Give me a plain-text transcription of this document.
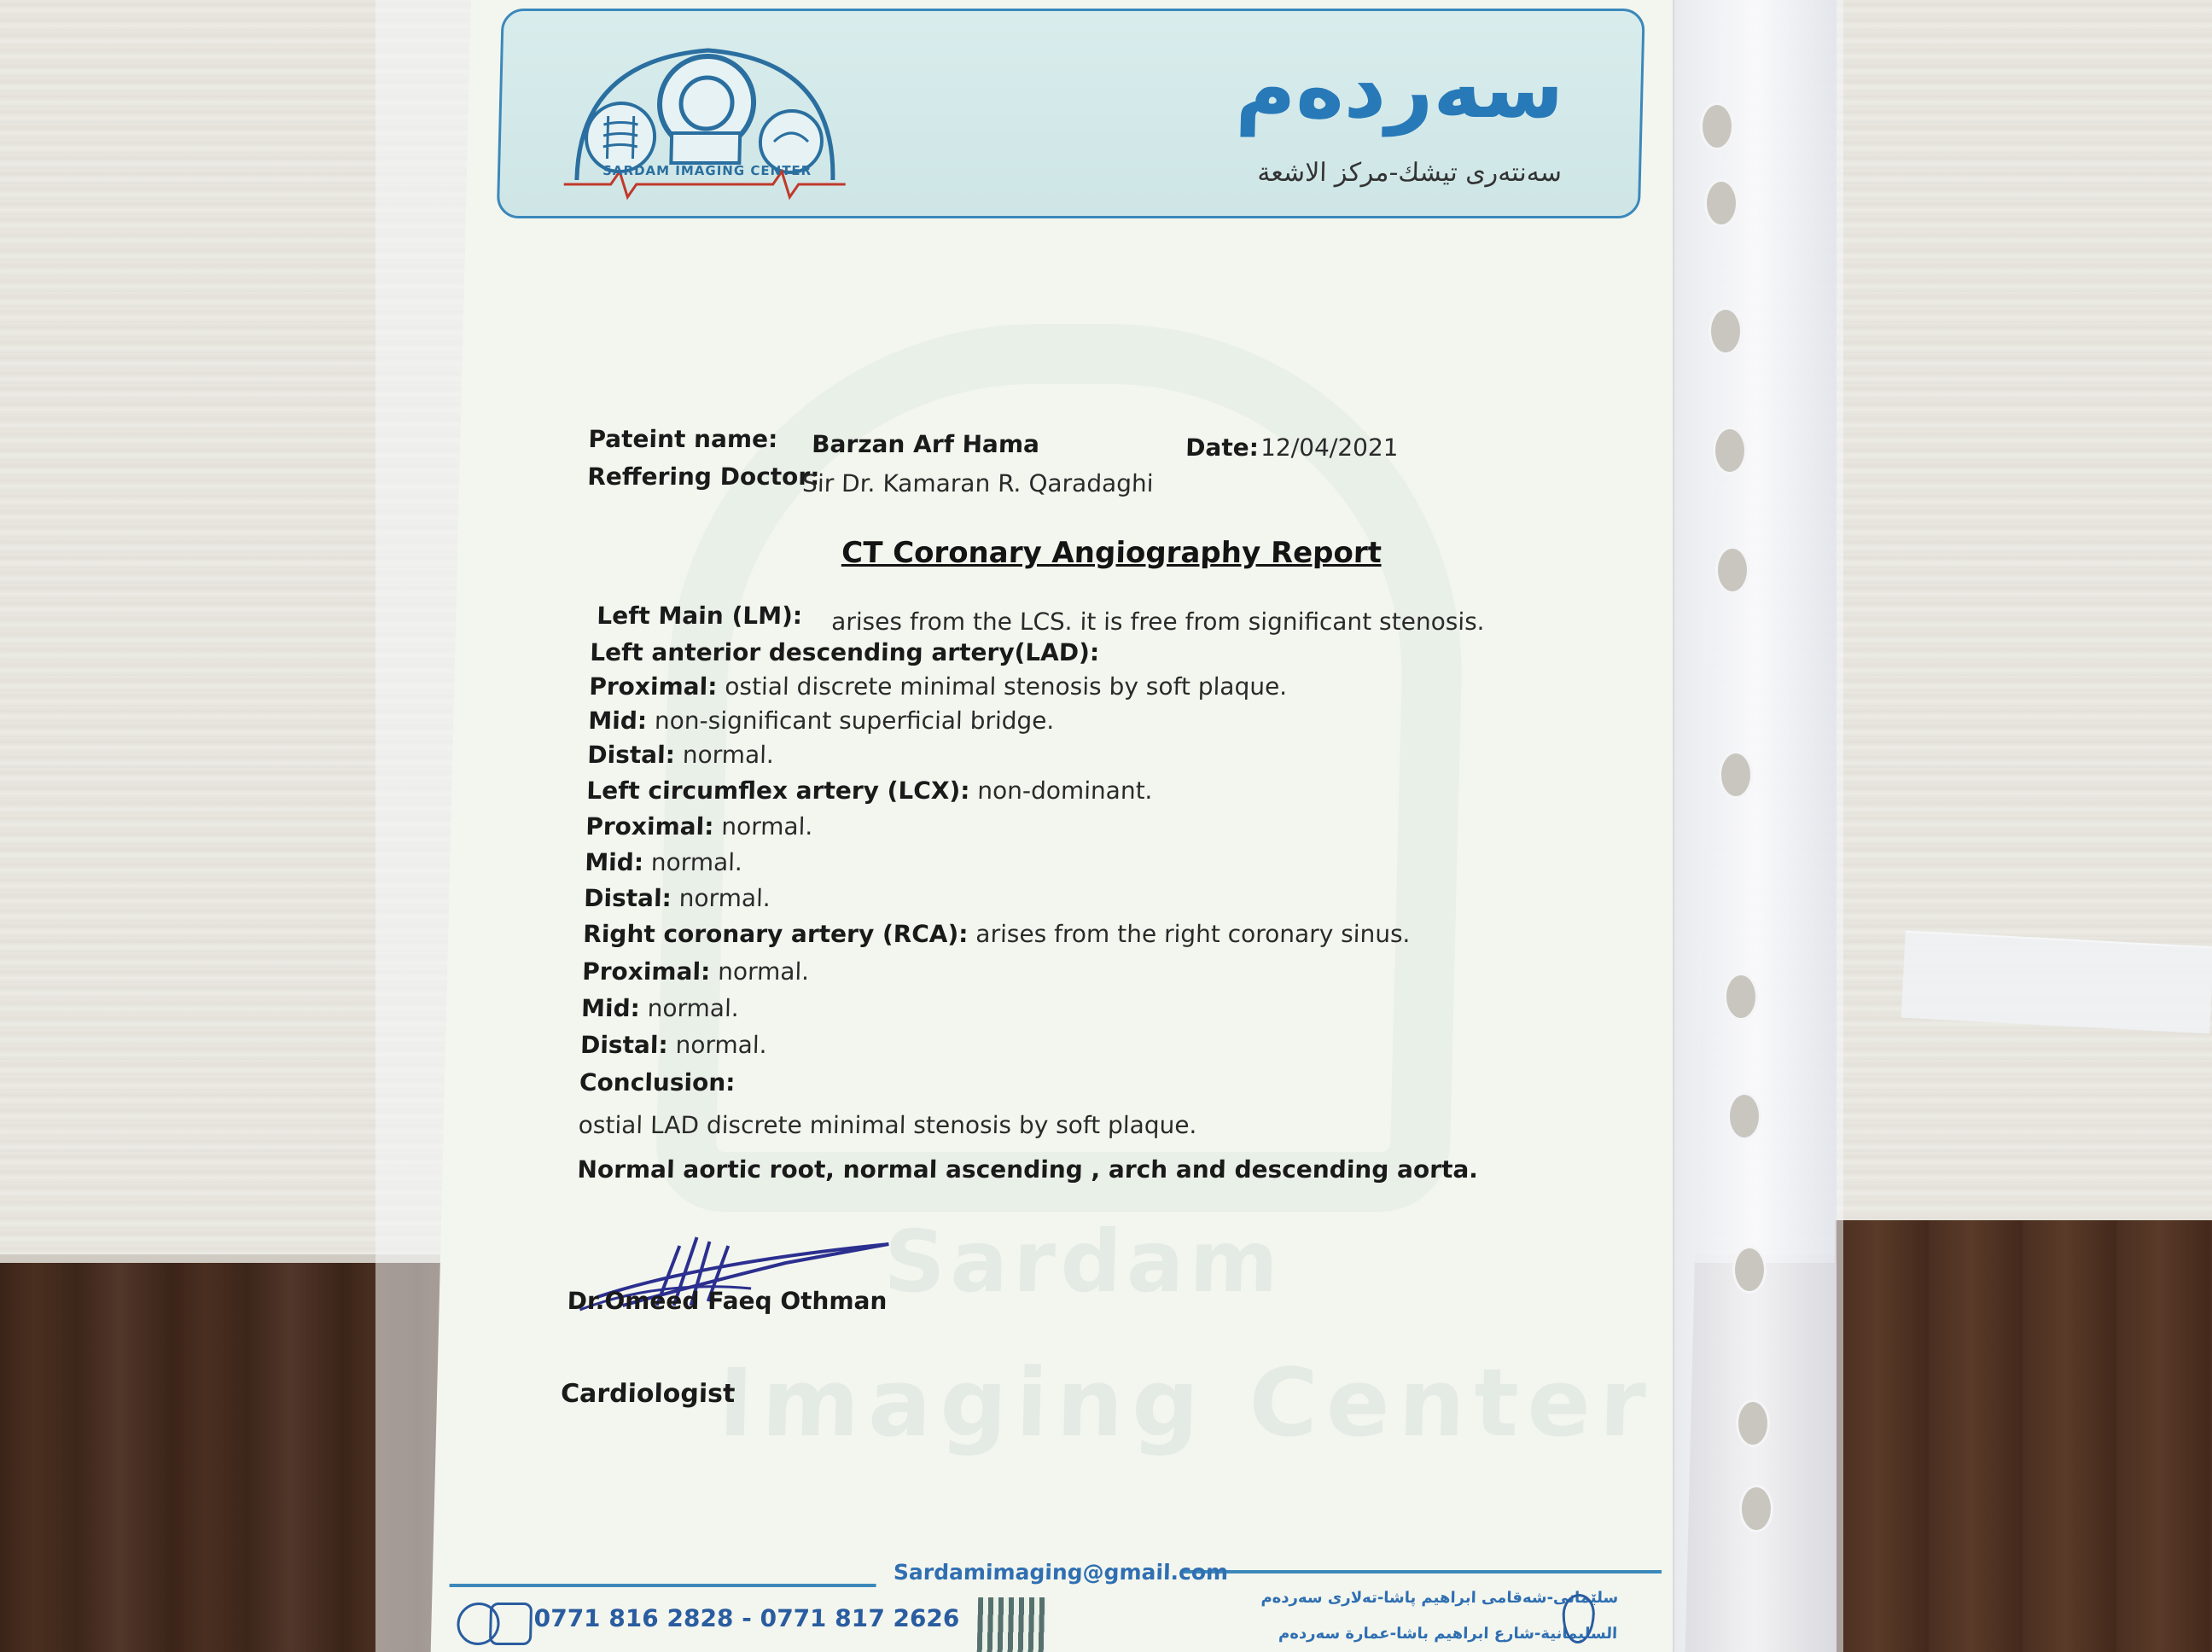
Sardam
Imaging Center
SARDAM IMAGING CENTER
سەردەم
سەنتەری تیشك-مركز الاشعة
Pateint name: Barzan Arf Hama	Date: 12/04/2021
Reffering Doctor:
Sir Dr. Kamaran R. Qaradaghi
CT Coronary Angiography Report
Left Main (LM): arises from the LCS. it is free from significant stenosis.
Left anterior descending artery(LAD):
Proximal: ostial discrete minimal stenosis by soft plaque.
Mid: non-significant superficial bridge.
Distal: normal.
Left circumflex artery (LCX): non-dominant.
Proximal: normal.
Mid: normal.
Distal: normal.
Right coronary artery (RCA): arises from the right coronary sinus.
Proximal: normal.
Mid: normal.
Distal: normal.
Conclusion:
ostial LAD discrete minimal stenosis by soft plaque.
Normal aortic root, normal ascending , arch and descending aorta.
Dr.Omeed Faeq Othman
Cardiologist
Sardamimaging@gmail.com
0771 816 2828 - 0771 817 2626
سلێمانی-شەقامی ابراهیم پاشا-تەلاری سەردەم
السليمانية-شارع ابراهيم باشا-عمارة سەردەم
